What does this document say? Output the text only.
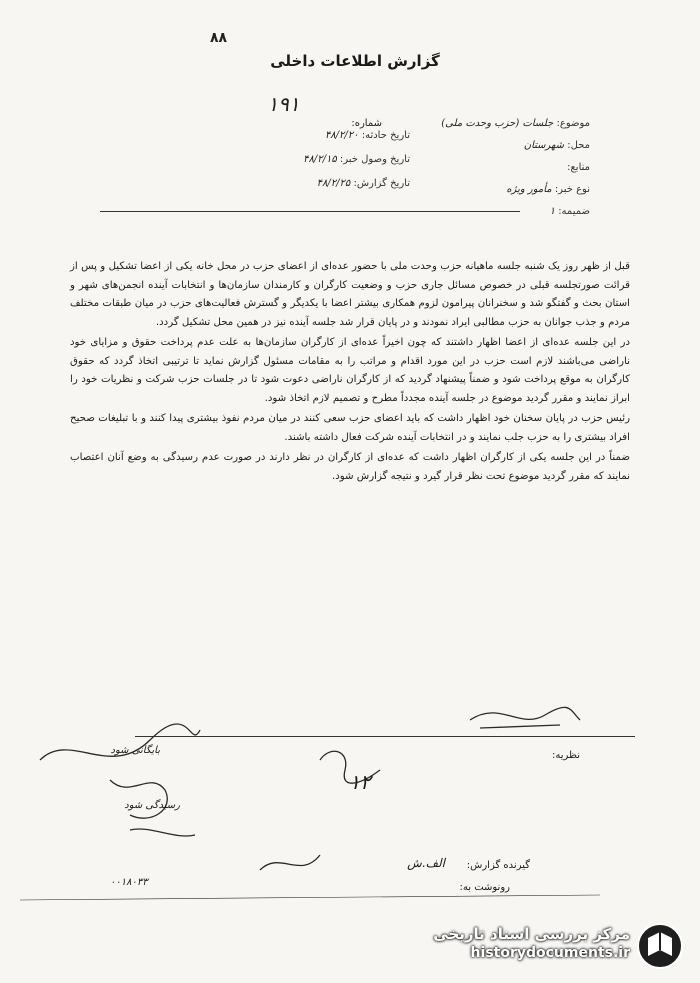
۸۸
گزارش اطلاعات داخلی
شماره:
۱۹۱
موضوع: جلسات (حزب وحدت ملی)
محل: شهرستان
منابع:
نوع خبر: مأمور ویژه
ضمیمه: ۱
تاریخ حادثه: ۴۸/۲/۲۰
تاریخ وصول خبر: ۴۸/۲/۱۵
تاریخ گزارش: ۴۸/۲/۲۵

قبل از ظهر روز یک شنبه جلسه ماهیانه حزب وحدت ملی با حضور عده‌ای از اعضای حزب در محل خانه یکی از اعضا تشکیل و پس از قرائت صورتجلسه قبلی در خصوص مسائل جاری حزب و وضعیت کارگران و کارمندان سازمان‌ها و انتخابات آینده انجمن‌های شهر و استان بحث و گفتگو شد و سخنرانان پیرامون لزوم همکاری بیشتر اعضا با یکدیگر و گسترش فعالیت‌های حزب در میان طبقات مختلف مردم و جذب جوانان به حزب مطالبی ایراد نمودند و در پایان قرار شد جلسه آینده نیز در همین محل تشکیل گردد.

در این جلسه عده‌ای از اعضا اظهار داشتند که چون اخیراً عده‌ای از کارگران سازمان‌ها به علت عدم پرداخت حقوق و مزایای خود ناراضی می‌باشند لازم است حزب در این مورد اقدام و مراتب را به مقامات مسئول گزارش نماید تا ترتیبی اتخاذ گردد که حقوق کارگران به موقع پرداخت شود و ضمناً پیشنهاد گردید که از کارگران ناراضی دعوت شود تا در جلسات حزب شرکت و نظریات خود را ابراز نمایند و مقرر گردید موضوع در جلسه آینده مجدداً مطرح و تصمیم لازم اتخاذ شود.

رئیس حزب در پایان سخنان خود اظهار داشت که باید اعضای حزب سعی کنند در میان مردم نفوذ بیشتری پیدا کنند و با تبلیغات صحیح افراد بیشتری را به حزب جلب نمایند و در انتخابات آینده شرکت فعال داشته باشند.

ضمناً در این جلسه یکی از کارگران اظهار داشت که عده‌ای از کارگران در نظر دارند در صورت عدم رسیدگی به وضع آنان اعتصاب نمایند که مقرر گردید موضوع تحت نظر قرار گیرد و نتیجه گزارش شود.

نظریه:
۱۲
بایگانی شود
رسیدگی شود
گیرنده گزارش:
الف.ش
رونوشت به:
۰۰۱۸۰۳۳
مرکز بررسی اسناد تاریخی
historydocuments.ir
